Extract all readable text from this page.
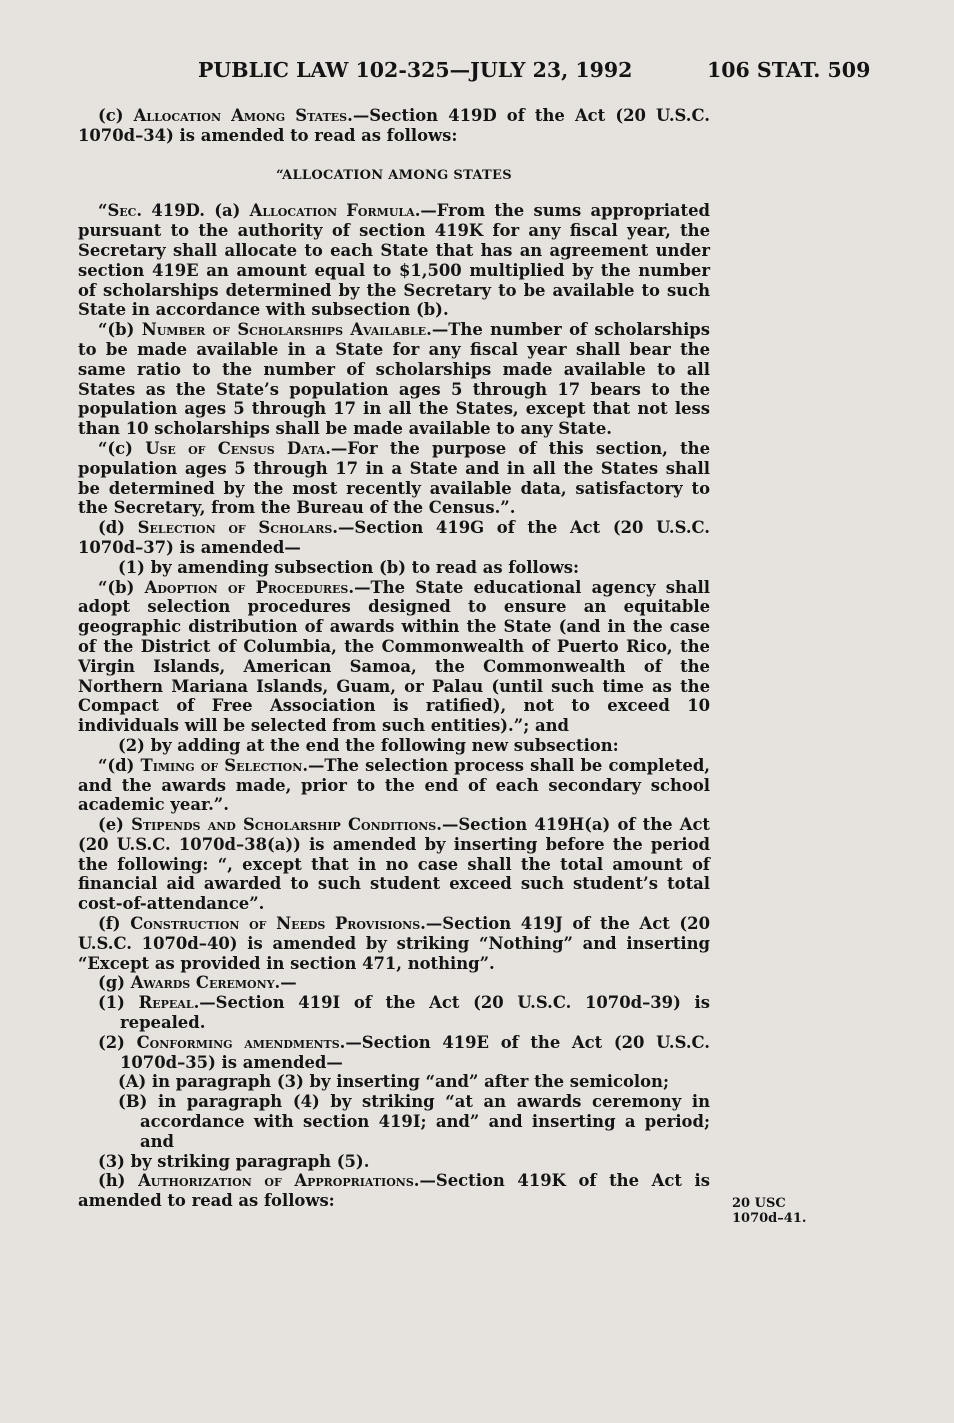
PUBLIC LAW 102-325—JULY 23, 1992	106 STAT. 509

(c) Allocation Among States.—Section 419D of the Act (20 U.S.C. 1070d–34) is amended to read as follows:

“ALLOCATION AMONG STATES

“Sec. 419D. (a) Allocation Formula.—From the sums appropriated pursuant to the authority of section 419K for any fiscal year, the Secretary shall allocate to each State that has an agreement under section 419E an amount equal to $1,500 multiplied by the number of scholarships determined by the Secretary to be available to such State in accordance with subsection (b).

“(b) Number of Scholarships Available.—The number of scholarships to be made available in a State for any fiscal year shall bear the same ratio to the number of scholarships made available to all States as the State’s population ages 5 through 17 bears to the population ages 5 through 17 in all the States, except that not less than 10 scholarships shall be made available to any State.

“(c) Use of Census Data.—For the purpose of this section, the population ages 5 through 17 in a State and in all the States shall be determined by the most recently available data, satisfactory to the Secretary, from the Bureau of the Census.”.

(d) Selection of Scholars.—Section 419G of the Act (20 U.S.C. 1070d–37) is amended—

(1) by amending subsection (b) to read as follows:

“(b) Adoption of Procedures.—The State educational agency shall adopt selection procedures designed to ensure an equitable geographic distribution of awards within the State (and in the case of the District of Columbia, the Commonwealth of Puerto Rico, the Virgin Islands, American Samoa, the Commonwealth of the Northern Mariana Islands, Guam, or Palau (until such time as the Compact of Free Association is ratified), not to exceed 10 individuals will be selected from such entities).”; and

(2) by adding at the end the following new subsection:

“(d) Timing of Selection.—The selection process shall be completed, and the awards made, prior to the end of each secondary school academic year.”.

(e) Stipends and Scholarship Conditions.—Section 419H(a) of the Act (20 U.S.C. 1070d–38(a)) is amended by inserting before the period the following: “, except that in no case shall the total amount of financial aid awarded to such student exceed such student’s total cost-of-attendance”.

(f) Construction of Needs Provisions.—Section 419J of the Act (20 U.S.C. 1070d–40) is amended by striking “Nothing” and inserting “Except as provided in section 471, nothing”.

(g) Awards Ceremony.—

(1) Repeal.—Section 419I of the Act (20 U.S.C. 1070d–39) is repealed.

(2) Conforming amendments.—Section 419E of the Act (20 U.S.C. 1070d–35) is amended—

(A) in paragraph (3) by inserting “and” after the semicolon;

(B) in paragraph (4) by striking “at an awards ceremony in accordance with section 419I; and” and inserting a period; and

(3) by striking paragraph (5).

(h) Authorization of Appropriations.—Section 419K of the Act is amended to read as follows:	20 USC
1070d–41.
